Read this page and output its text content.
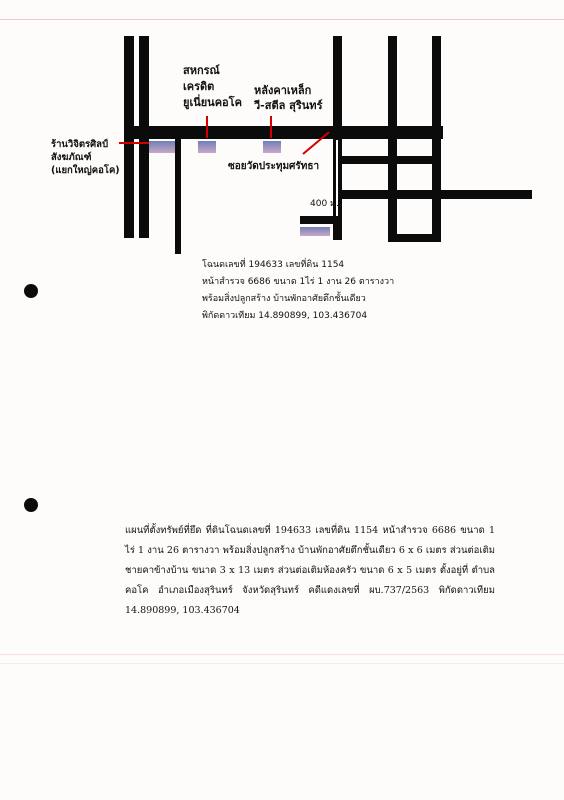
ร้านวิจิตรศิลป์
สังฆภัณฑ์
(แยกใหญ่คอโค)
สหกรณ์
เครดิต
ยูเนี่ยนคอโค
หลังคาเหล็ก
วี-สตีล สุรินทร์
ซอยวัดประทุมศรัทธา
400 ม.
โฉนดเลขที่ 194633 เลขที่ดิน 1154
หน้าสำรวจ 6686 ขนาด 1ไร่ 1 งาน 26 ตารางวา
พร้อมสิ่งปลูกสร้าง บ้านพักอาศัยตึกชั้นเดียว
พิกัดดาวเทียม 14.890899, 103.436704

แผนที่ตั้งทรัพย์ที่ยึด ที่ดินโฉนดเลขที่ 194633 เลขที่ดิน 1154 หน้าสำรวจ 6686 ขนาด 1 ไร่ 1 งาน 26 ตารางวา พร้อมสิ่งปลูกสร้าง บ้านพักอาศัยตึกชั้นเดียว 6 x 6 เมตร ส่วนต่อเติมชายคาข้างบ้าน ขนาด 3 x 13 เมตร ส่วนต่อเติมห้องครัว ขนาด 6 x 5 เมตร ตั้งอยู่ที่ ตำบลคอโค อำเภอเมืองสุรินทร์ จังหวัดสุรินทร์ คดีแดงเลขที่ ผบ.737/2563 พิกัดดาวเทียม 14.890899, 103.436704
